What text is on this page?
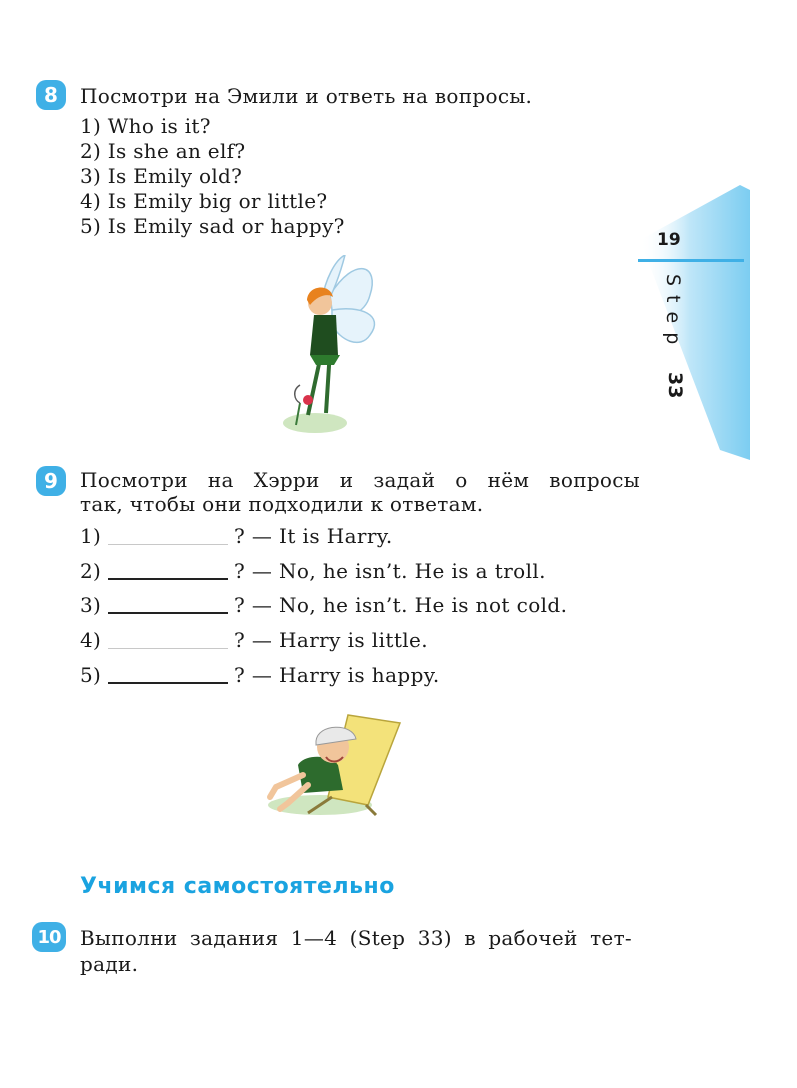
19
Step
33
8	Посмотри на Эмили и ответь на вопросы.
1) Who is it?
2) Is she an elf?
3) Is Emily old?
4) Is Emily big or little?
5) Is Emily sad or happy?
9	Посмотри на Хэрри и задай о нём вопросы
так, чтобы они подходили к ответам.
1)	? — It is Harry.
2)	? — No, he isn’t. He is a troll.
3)	? — No, he isn’t. He is not cold.
4)	? — Harry is little.
5)	? — Harry is happy.
Учимся самостоятельно
10 Выполни задания 1—4 (Step 33) в рабочей тет-
ради.
